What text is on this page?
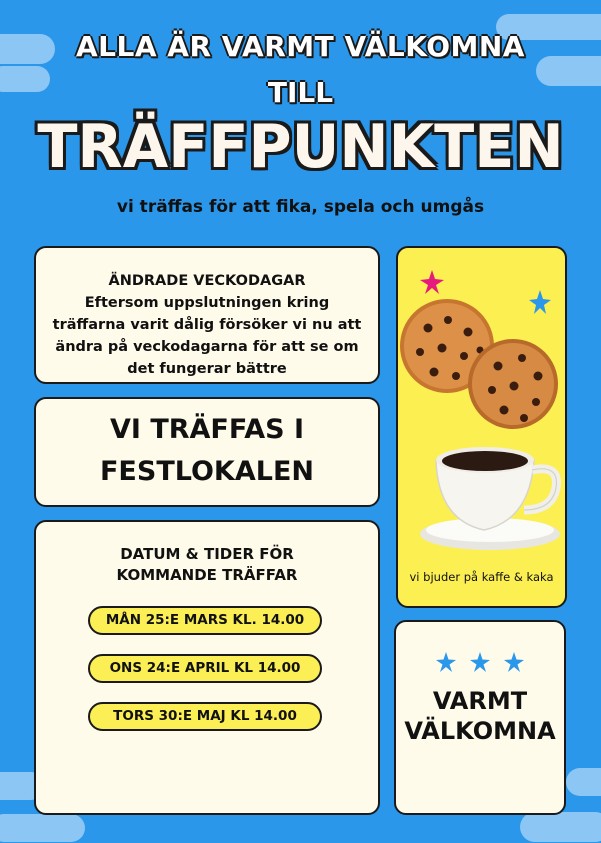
ALLA ÄR VARMT VÄLKOMNA
TILL
TRÄFFPUNKTEN
vi träffas för att fika, spela och umgås
ÄNDRADE VECKODAGAR
Eftersom uppslutningen kring
träffarna varit dålig försöker vi nu att
ändra på veckodagarna för att se om
det fungerar bättre
VI TRÄFFAS I
FESTLOKALEN
DATUM & TIDER FÖR
KOMMANDE TRÄFFAR
MÅN 25:E MARS KL. 14.00
ONS 24:E APRIL KL 14.00
TORS 30:E MAJ KL 14.00
vi bjuder på kaffe & kaka
VARMT
VÄLKOMNA
